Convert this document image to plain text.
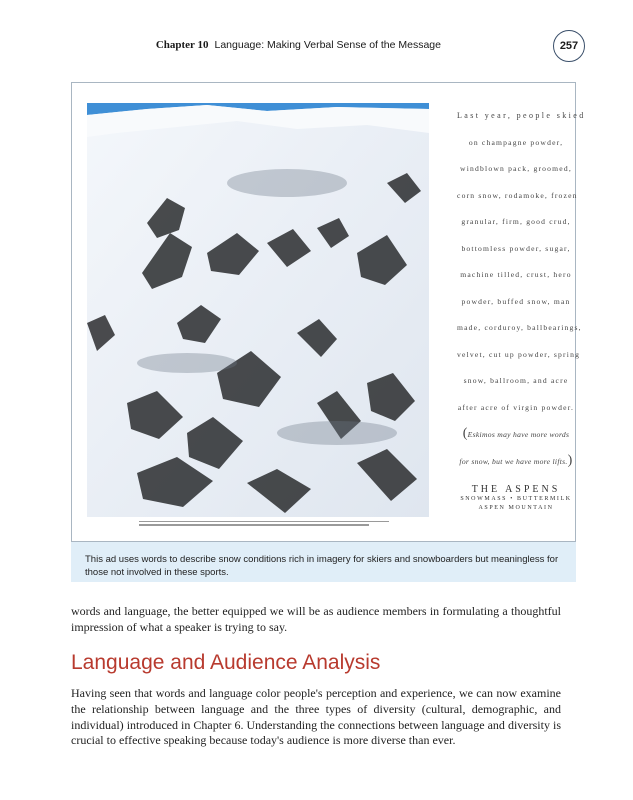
Chapter 10 Language: Making Verbal Sense of the Message	257
Last year, people skied
on champagne powder,
windblown pack, groomed,
corn snow, rodamoke, frozen
granular, firm, good crud,
bottomless powder, sugar,
machine tilled, crust, hero
powder, buffed snow, man
made, corduroy, ballbearings,
velvet, cut up powder, spring
snow, ballroom, and acre
after acre of virgin powder.
(Eskimos may have more words
for snow, but we have more lifts.)
THE ASPENS
SNOWMASS • BUTTERMILK
ASPEN MOUNTAIN

This ad uses words to describe snow conditions rich in imagery for skiers and snowboarders but meaningless for those not involved in these sports.

words and language, the better equipped we will be as audience members in formulating a thoughtful impression of what a speaker is trying to say.

Language and Audience Analysis

Having seen that words and language color people's perception and experience, we can now examine the relationship between language and the three types of diversity (cultural, demographic, and individual) introduced in Chapter 6. Understanding the connections between language and diversity is crucial to effective speaking because today's audience is more diverse than ever.
